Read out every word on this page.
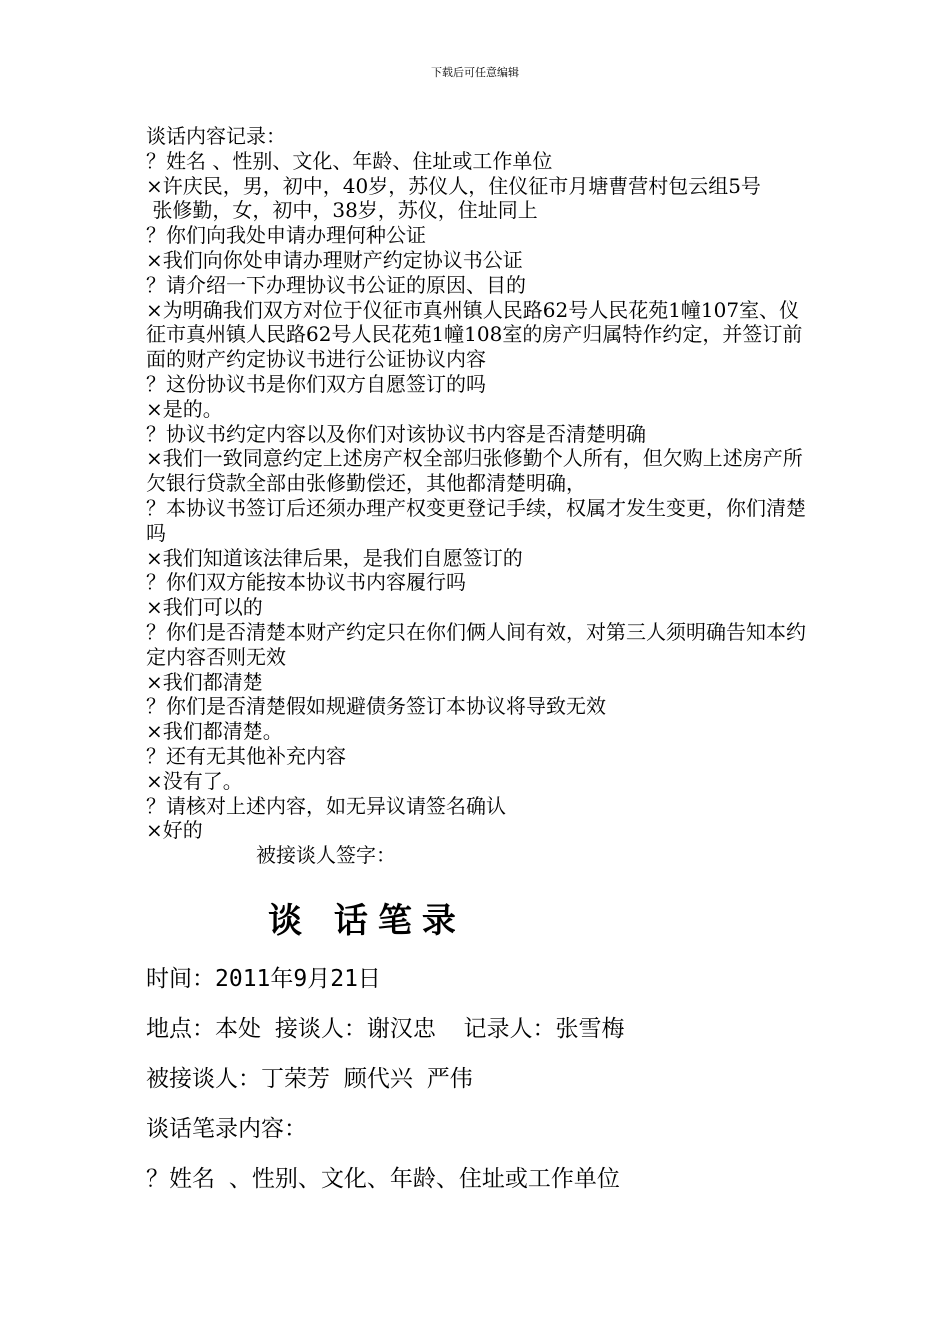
下载后可任意编辑

谈话内容记录：

？姓名 、性别、文化、年龄、住址或工作单位

×许庆民，男，初中，40岁，苏仪人，住仪征市月塘曹营村包云组5号

张修勤，女，初中，38岁，苏仪，住址同上

？你们向我处申请办理何种公证

×我们向你处申请办理财产约定协议书公证

？请介绍一下办理协议书公证的原因、目的

×为明确我们双方对位于仪征市真州镇人民路62号人民花苑1幢107室、仪征市真州镇人民路62号人民花苑1幢108室的房产归属特作约定，并签订前面的财产约定协议书进行公证协议内容

？这份协议书是你们双方自愿签订的吗

×是的。

？协议书约定内容以及你们对该协议书内容是否清楚明确

×我们一致同意约定上述房产权全部归张修勤个人所有，但欠购上述房产所欠银行贷款全部由张修勤偿还，其他都清楚明确，

？本协议书签订后还须办理产权变更登记手续，权属才发生变更，你们清楚吗

×我们知道该法律后果，是我们自愿签订的

？你们双方能按本协议书内容履行吗

×我们可以的

？你们是否清楚本财产约定只在你们俩人间有效，对第三人须明确告知本约定内容否则无效

×我们都清楚

？你们是否清楚假如规避债务签订本协议将导致无效

×我们都清楚。

？还有无其他补充内容

×没有了。

？请核对上述内容，如无异议请签名确认

×好的

被接谈人签字：

谈 话笔录

时间：2011年9月21日

地点：本处 接谈人：谢汉忠  记录人：张雪梅

被接谈人：丁荣芳 顾代兴 严伟

谈话笔录内容：

？姓名 、性别、文化、年龄、住址或工作单位
